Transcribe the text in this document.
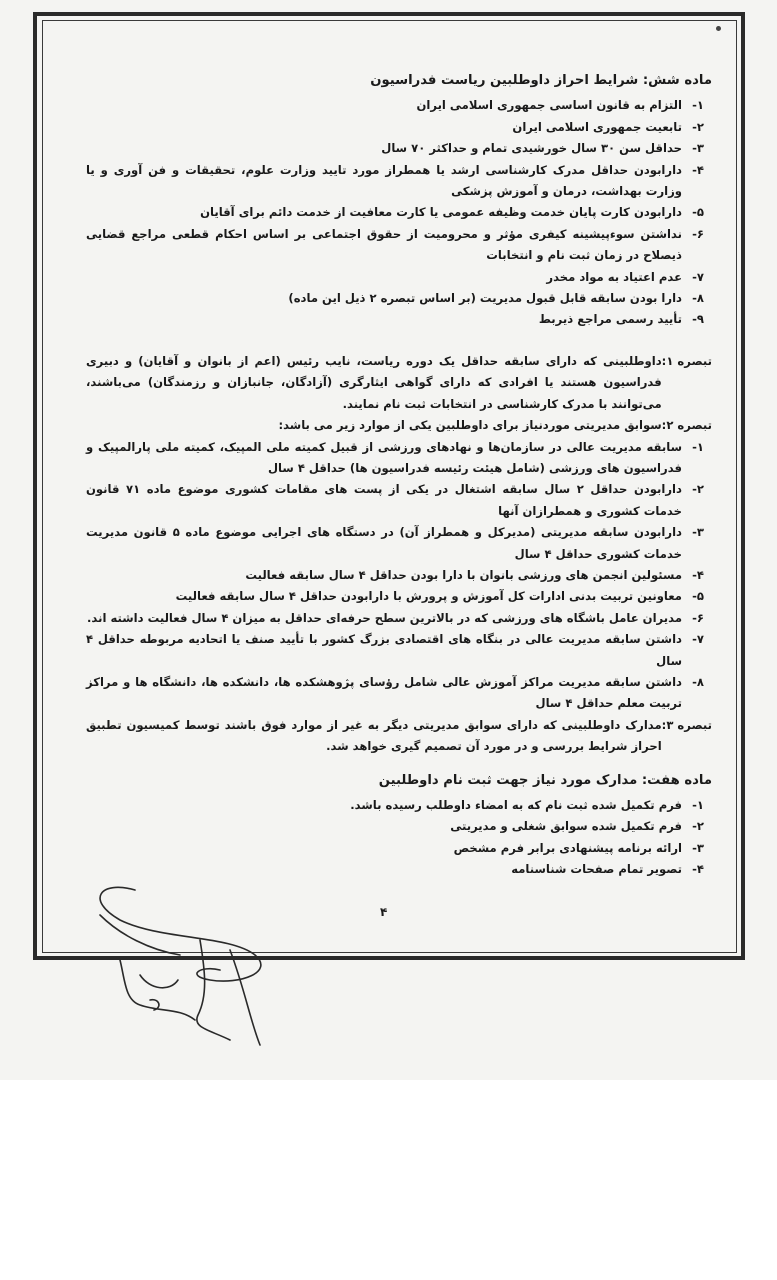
ماده شش: شرایط احراز داوطلبین ریاست فدراسیون
۱-
التزام به قانون اساسی جمهوری اسلامی ایران
۲-
تابعیت جمهوری اسلامی ایران
۳-
حداقل سن ۳۰ سال خورشیدی تمام و حداکثر ۷۰ سال
۴-
دارابودن حداقل مدرک کارشناسی ارشد یا همطراز مورد تایید وزارت علوم، تحقیقات و فن آوری و یا وزارت بهداشت، درمان و آموزش پزشکی
۵-
دارابودن کارت پایان خدمت وظیفه عمومی یا کارت معافیت از خدمت دائم برای آقایان
۶-
نداشتن سوءپیشینه کیفری مؤثر و محرومیت از حقوق اجتماعی بر اساس احکام قطعی مراجع قضایی ذیصلاح در زمان ثبت نام و انتخابات
۷-
عدم اعتیاد به مواد مخدر
۸-
دارا بودن سابقه قابل قبول مدیریت (بر اساس تبصره ۲ ذیل این ماده)
۹-
تأیید رسمی مراجع ذیربط
تبصره ۱:
داوطلبینی که دارای سابقه حداقل یک دوره ریاست، نایب رئیس (اعم از بانوان و آقایان) و دبیری فدراسیون هستند یا افرادی که دارای گواهی ایثارگری (آزادگان، جانبازان و رزمندگان) می‌باشند، می‌توانند با مدرک کارشناسی در انتخابات ثبت نام نمایند.
تبصره ۲:
سوابق مدیریتی موردنیاز برای داوطلبین یکی از موارد زیر می باشد:
۱-
سابقه مدیریت عالی در سازمان‌ها و نهادهای ورزشی از قبیل کمیته ملی المپیک، کمیته ملی پارالمپیک و فدراسیون های ورزشی (شامل هیئت رئیسه فدراسیون ها) حداقل ۴ سال
۲-
دارابودن حداقل ۲ سال سابقه اشتغال در یکی از پست های مقامات کشوری موضوع ماده ۷۱ قانون خدمات کشوری و همطرازان آنها
۳-
دارابودن سابقه مدیریتی (مدیرکل و همطراز آن) در دستگاه های اجرایی موضوع ماده ۵ قانون مدیریت خدمات کشوری حداقل ۴ سال
۴-
مسئولین انجمن های ورزشی بانوان با دارا بودن حداقل ۴ سال سابقه فعالیت
۵-
معاونین تربیت بدنی ادارات کل آموزش و پرورش با دارابودن حداقل ۴ سال سابقه فعالیت
۶-
مدیران عامل باشگاه های ورزشی که در بالاترین سطح حرفه‌ای حداقل به میزان ۴ سال فعالیت داشته اند.
۷-
داشتن سابقه مدیریت عالی در بنگاه های اقتصادی بزرگ کشور با تأیید صنف یا اتحادیه مربوطه حداقل ۴ سال
۸-
داشتن سابقه مدیریت مراکز آموزش عالی شامل رؤسای پژوهشکده ها، دانشکده ها، دانشگاه ها و مراکز تربیت معلم حداقل ۴ سال
تبصره ۳:
مدارک داوطلبینی که دارای سوابق مدیریتی دیگر به غیر از موارد فوق باشند توسط کمیسیون تطبیق احراز شرایط بررسی و در مورد آن تصمیم گیری خواهد شد.
ماده هفت: مدارک مورد نیاز جهت ثبت نام داوطلبین
۱-
فرم تکمیل شده ثبت نام که به امضاء داوطلب رسیده باشد.
۲-
فرم تکمیل شده سوابق شغلی و مدیریتی
۳-
ارائه برنامه پیشنهادی برابر فرم مشخص
۴-
تصویر تمام صفحات شناسنامه
۴
